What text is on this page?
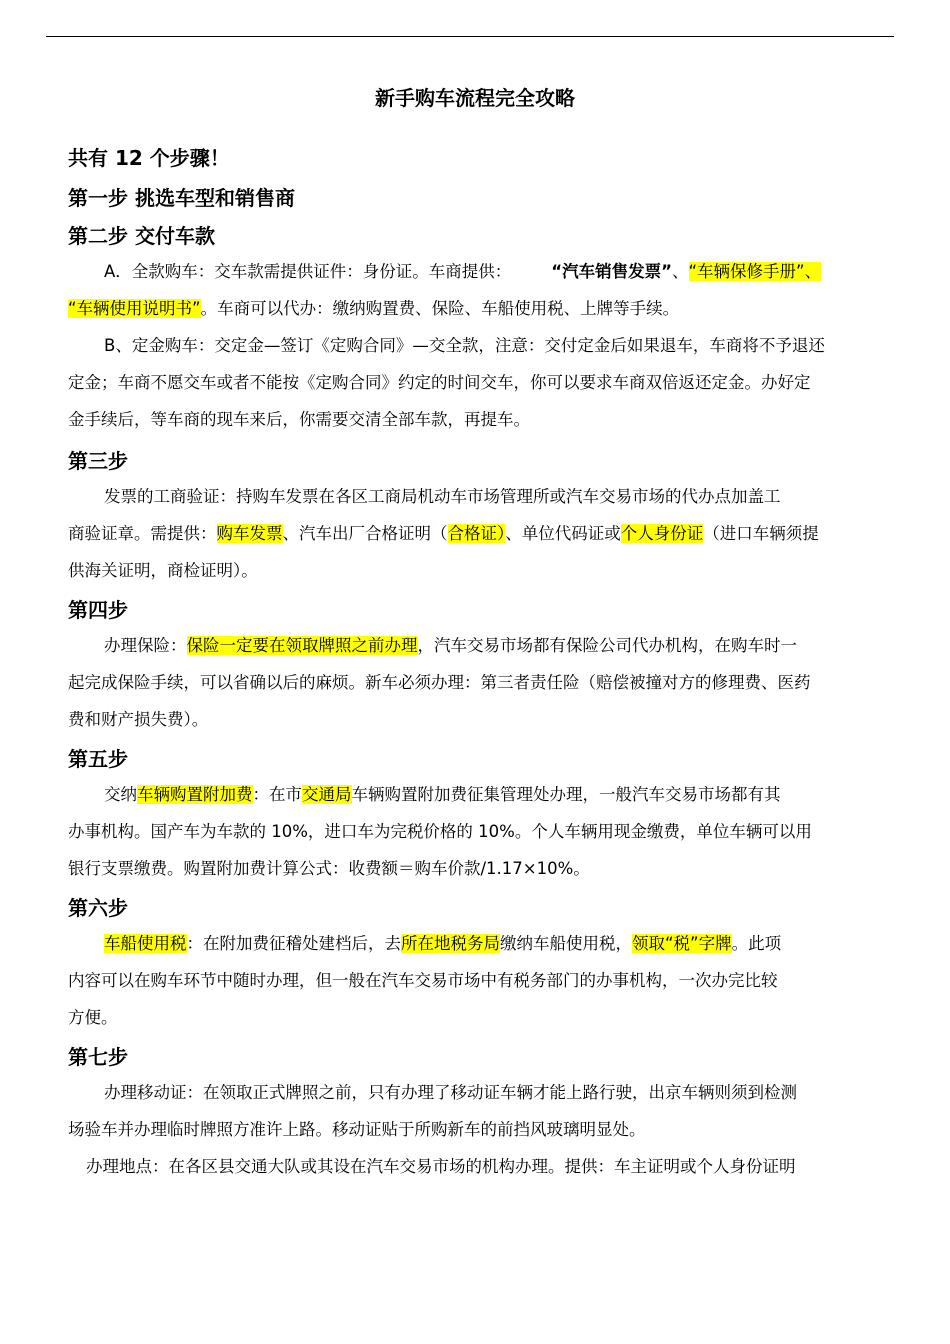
新手购车流程完全攻略
共有 12 个步骤！
第一步 挑选车型和销售商
第二步 交付车款
A．全款购车：交车款需提供证件：身份证。车商提供： “汽车销售发票”、“车辆保修手册”、
“车辆使用说明书”。车商可以代办：缴纳购置费、保险、车船使用税、上牌等手续。
B、定金购车：交定金—签订《定购合同》—交全款，注意：交付定金后如果退车，车商将不予退还
定金；车商不愿交车或者不能按《定购合同》约定的时间交车，你可以要求车商双倍返还定金。办好定
金手续后，等车商的现车来后，你需要交清全部车款，再提车。
第三步
发票的工商验证：持购车发票在各区工商局机动车市场管理所或汽车交易市场的代办点加盖工
商验证章。需提供：购车发票、汽车出厂合格证明（合格证）、单位代码证或个人身份证（进口车辆须提
供海关证明，商检证明）。
第四步
办理保险：保险一定要在领取牌照之前办理，汽车交易市场都有保险公司代办机构，在购车时一
起完成保险手续，可以省确以后的麻烦。新车必须办理：第三者责任险（赔偿被撞对方的修理费、医药
费和财产损失费）。
第五步
交纳车辆购置附加费：在市交通局车辆购置附加费征集管理处办理，一般汽车交易市场都有其
办事机构。国产车为车款的 10%，进口车为完税价格的 10%。个人车辆用现金缴费，单位车辆可以用
银行支票缴费。购置附加费计算公式：收费额＝购车价款/1.17×10%。
第六步
车船使用税：在附加费征稽处建档后，去所在地税务局缴纳车船使用税，领取“税”字牌。此项
内容可以在购车环节中随时办理，但一般在汽车交易市场中有税务部门的办事机构，一次办完比较
方便。
第七步
办理移动证：在领取正式牌照之前，只有办理了移动证车辆才能上路行驶，出京车辆则须到检测
场验车并办理临时牌照方准许上路。移动证贴于所购新车的前挡风玻璃明显处。
办理地点：在各区县交通大队或其设在汽车交易市场的机构办理。提供：车主证明或个人身份证明
